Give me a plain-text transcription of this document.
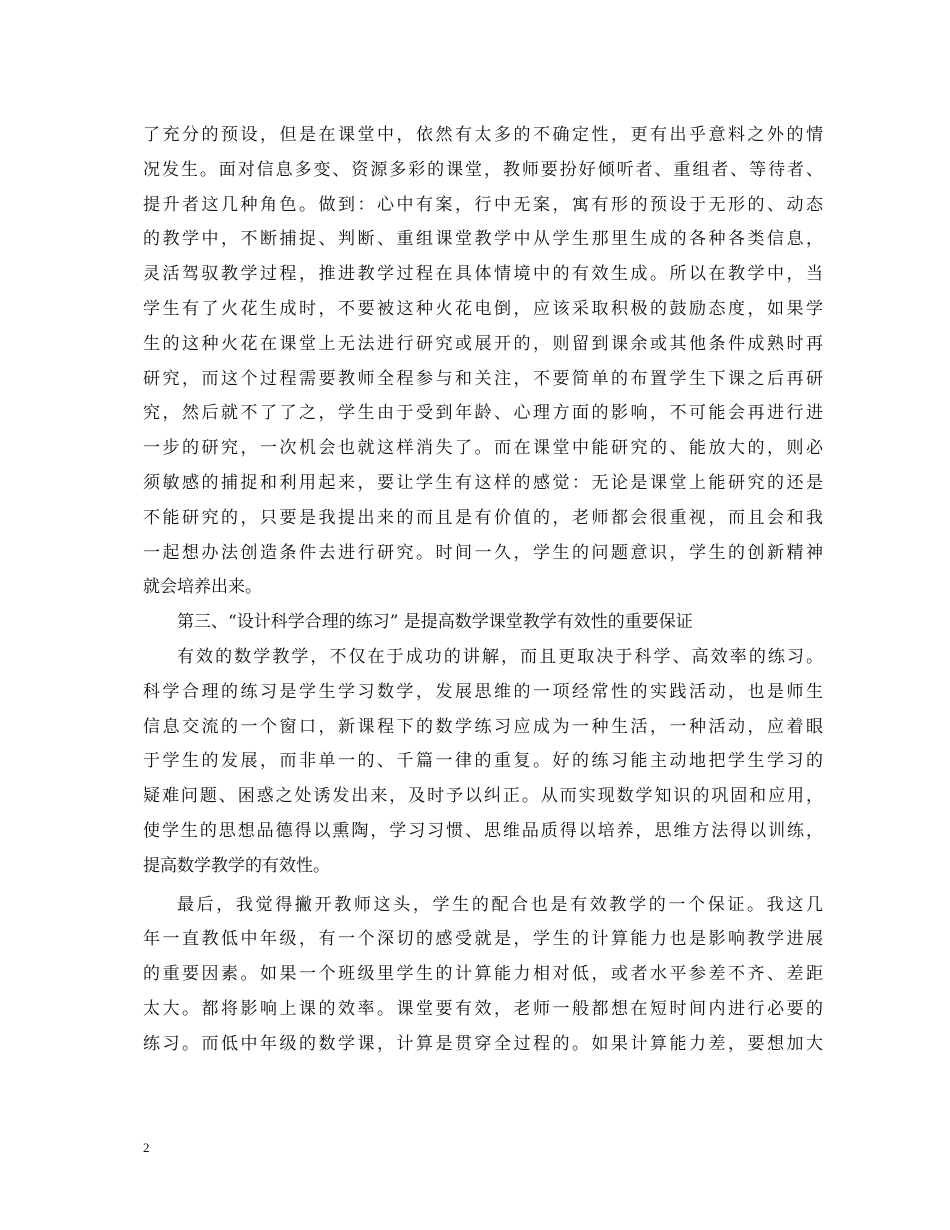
了充分的预设，但是在课堂中，依然有太多的不确定性，更有出乎意料之外的情
况发生。面对信息多变、资源多彩的课堂，教师要扮好倾听者、重组者、等待者、
提升者这几种角色。做到：心中有案，行中无案，寓有形的预设于无形的、动态
的教学中，不断捕捉、判断、重组课堂教学中从学生那里生成的各种各类信息，
灵活驾驭教学过程，推进教学过程在具体情境中的有效生成。所以在教学中，当
学生有了火花生成时，不要被这种火花电倒，应该采取积极的鼓励态度，如果学
生的这种火花在课堂上无法进行研究或展开的，则留到课余或其他条件成熟时再
研究，而这个过程需要教师全程参与和关注，不要简单的布置学生下课之后再研
究，然后就不了了之，学生由于受到年龄、心理方面的影响，不可能会再进行进
一步的研究，一次机会也就这样消失了。而在课堂中能研究的、能放大的，则必
须敏感的捕捉和利用起来，要让学生有这样的感觉：无论是课堂上能研究的还是
不能研究的，只要是我提出来的而且是有价值的，老师都会很重视，而且会和我
一起想办法创造条件去进行研究。时间一久，学生的问题意识，学生的创新精神
就会培养出来。
第三、“设计科学合理的练习” 是提高数学课堂教学有效性的重要保证
有效的数学教学，不仅在于成功的讲解，而且更取决于科学、高效率的练习。
科学合理的练习是学生学习数学，发展思维的一项经常性的实践活动，也是师生
信息交流的一个窗口，新课程下的数学练习应成为一种生活，一种活动，应着眼
于学生的发展，而非单一的、千篇一律的重复。好的练习能主动地把学生学习的
疑难问题、困惑之处诱发出来，及时予以纠正。从而实现数学知识的巩固和应用，
使学生的思想品德得以熏陶，学习习惯、思维品质得以培养，思维方法得以训练，
提高数学教学的有效性。
最后，我觉得撇开教师这头，学生的配合也是有效教学的一个保证。我这几
年一直教低中年级，有一个深切的感受就是，学生的计算能力也是影响教学进展
的重要因素。如果一个班级里学生的计算能力相对低，或者水平参差不齐、差距
太大。都将影响上课的效率。课堂要有效，老师一般都想在短时间内进行必要的
练习。而低中年级的数学课，计算是贯穿全过程的。如果计算能力差，要想加大
2
